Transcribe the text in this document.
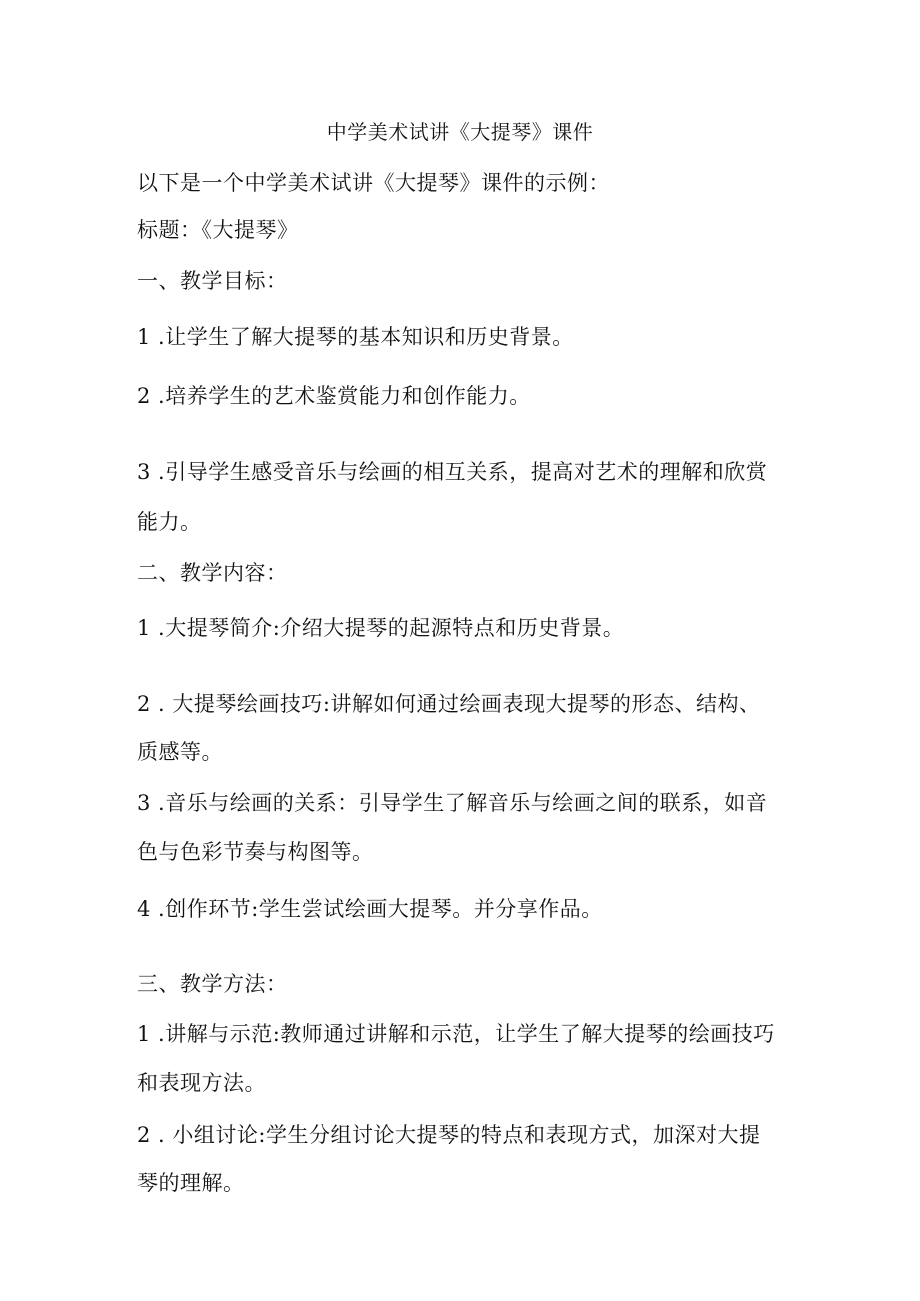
中学美术试讲《大提琴》课件
以下是一个中学美术试讲《大提琴》课件的示例：
标题：《大提琴》
一、教学目标：
1 .让学生了解大提琴的基本知识和历史背景。
2 .培养学生的艺术鉴赏能力和创作能力。
3 .引导学生感受音乐与绘画的相互关系，提高对艺术的理解和欣赏
能力。
二、教学内容：
1 .大提琴简介:介绍大提琴的起源特点和历史背景。
2 . 大提琴绘画技巧:讲解如何通过绘画表现大提琴的形态、结构、
质感等。
3 .音乐与绘画的关系：引导学生了解音乐与绘画之间的联系，如音
色与色彩节奏与构图等。
4 .创作环节:学生尝试绘画大提琴。并分享作品。
三、教学方法：
1 .讲解与示范:教师通过讲解和示范，让学生了解大提琴的绘画技巧
和表现方法。
2 . 小组讨论:学生分组讨论大提琴的特点和表现方式，加深对大提
琴的理解。
